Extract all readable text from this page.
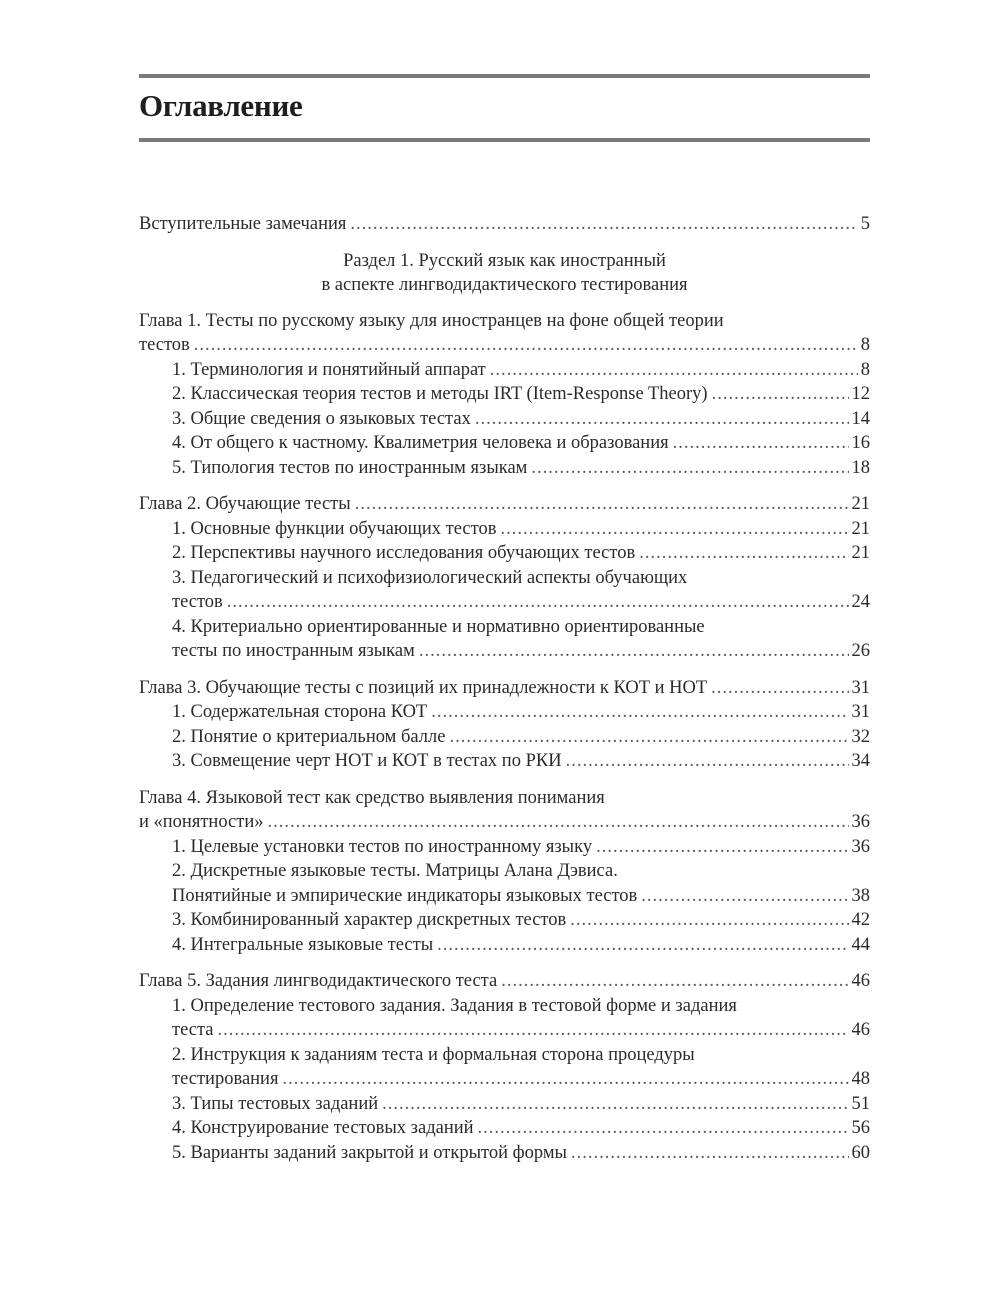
Оглавление
Вступительные замечания .....	5
Раздел 1. Русский язык как иностранный
в аспекте лингводидактического тестирования
Глава 1. Тесты по русскому языку для иностранцев на фоне общей теории
тестов .....	8
1. Терминология и понятийный аппарат .....	8
2. Классическая теория тестов и методы IRT (Item-Response Theory) .....	12
3. Общие сведения о языковых тестах .....	14
4. От общего к частному. Квалиметрия человека и образования .....	16
5. Типология тестов по иностранным языкам .....	18
Глава 2. Обучающие тесты .....	21
1. Основные функции обучающих тестов .....	21
2. Перспективы научного исследования обучающих тестов .....	21
3. Педагогический и психофизиологический аспекты обучающих
тестов .....	24
4. Критериально ориентированные и нормативно ориентированные
тесты по иностранным языкам .....	26
Глава 3. Обучающие тесты с позиций их принадлежности к КОТ и НОТ .....	31
1. Содержательная сторона КОТ .....	31
2. Понятие о критериальном балле .....	32
3. Совмещение черт НОТ и КОТ в тестах по РКИ .....	34
Глава 4. Языковой тест как средство выявления понимания
и «понятности» .....	36
1. Целевые установки тестов по иностранному языку .....	36
2. Дискретные языковые тесты. Матрицы Алана Дэвиса.
Понятийные и эмпирические индикаторы языковых тестов .....	38
3. Комбинированный характер дискретных тестов .....	42
4. Интегральные языковые тесты .....	44
Глава 5. Задания лингводидактического теста .....	46
1. Определение тестового задания. Задания в тестовой форме и задания
теста .....	46
2. Инструкция к заданиям теста и формальная сторона процедуры
тестирования .....	48
3. Типы тестовых заданий .....	51
4. Конструирование тестовых заданий .....	56
5. Варианты заданий закрытой и открытой формы .....	60
